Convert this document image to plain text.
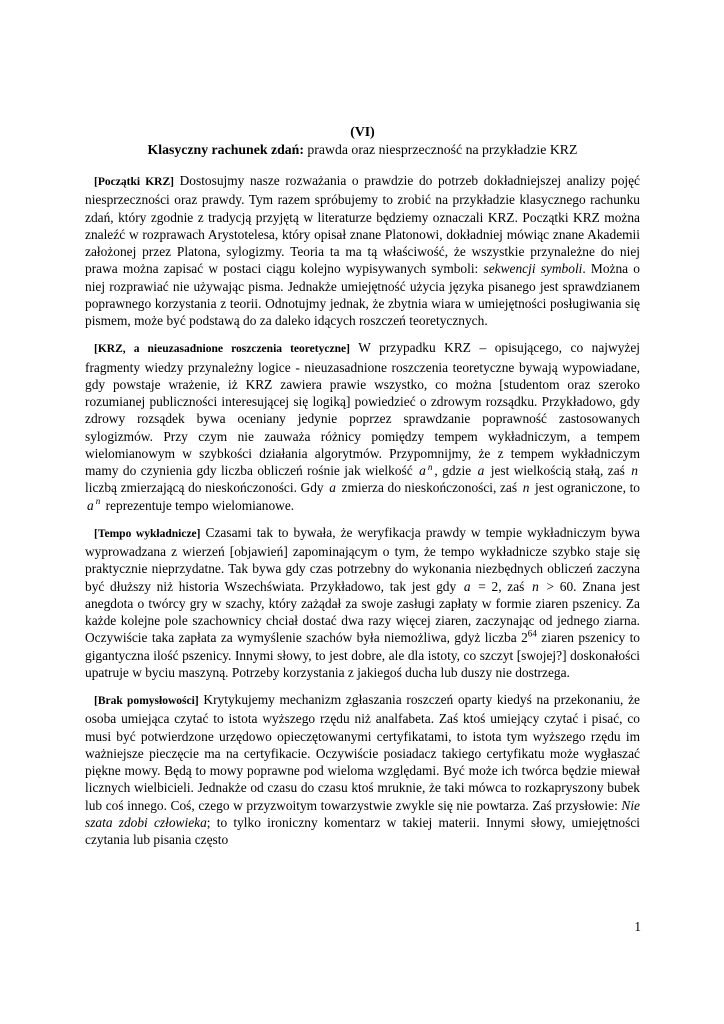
(VI)
Klasyczny rachunek zdań: prawda oraz niesprzeczność na przykładzie KRZ

[Początki KRZ] Dostosujmy nasze rozważania o prawdzie do potrzeb dokładniejszej analizy pojęć niesprzeczności oraz prawdy. Tym razem spróbujemy to zrobić na przykładzie klasycznego rachunku zdań, który zgodnie z tradycją przyjętą w literaturze będziemy oznaczali KRZ. Początki KRZ można znaleźć w rozprawach Arystotelesa, który opisał znane Platonowi, dokładniej mówiąc znane Akademii założonej przez Platona, sylogizmy. Teoria ta ma tą właściwość, że wszystkie przynależne do niej prawa można zapisać w postaci ciągu kolejno wypisywanych symboli: sekwencji symboli. Można o niej rozprawiać nie używając pisma. Jednakże umiejętność użycia języka pisanego jest sprawdzianem poprawnego korzystania z teorii. Odnotujmy jednak, że zbytnia wiara w umiejętności posługiwania się pismem, może być podstawą do za daleko idących roszczeń teoretycznych.

[KRZ, a nieuzasadnione roszczenia teoretyczne] W przypadku KRZ – opisującego, co najwyżej fragmenty wiedzy przynależny logice - nieuzasadnione roszczenia teoretyczne bywają wypowiadane, gdy powstaje wrażenie, iż KRZ zawiera prawie wszystko, co można [studentom oraz szeroko rozumianej publiczności interesującej się logiką] powiedzieć o zdrowym rozsądku. Przykładowo, gdy zdrowy rozsądek bywa oceniany jedynie poprzez sprawdzanie poprawność zastosowanych sylogizmów. Przy czym nie zauważa różnicy pomiędzy tempem wykładniczym, a tempem wielomianowym w szybkości działania algorytmów. Przypomnijmy, że z tempem wykładniczym mamy do czynienia gdy liczba obliczeń rośnie jak wielkość a $^n$ , gdzie a jest wielkością stałą, zaś n liczbą zmierzającą do nieskończoności. Gdy a zmierza do nieskończoności, zaś n jest ograniczone, to a $^n$ reprezentuje tempo wielomianowe.

[Tempo wykładnicze] Czasami tak to bywała, że weryfikacja prawdy w tempie wykładniczym bywa wyprowadzana z wierzeń [objawień] zapominającym o tym, że tempo wykładnicze szybko staje się praktycznie nieprzydatne. Tak bywa gdy czas potrzebny do wykonania niezbędnych obliczeń zaczyna być dłuższy niż historia Wszechświata. Przykładowo, tak jest gdy a = 2, zaś n > 60. Znana jest anegdota o twórcy gry w szachy, który zażądał za swoje zasługi zapłaty w formie ziaren pszenicy. Za każde kolejne pole szachownicy chciał dostać dwa razy więcej ziaren, zaczynając od jednego ziarna. Oczywiście taka zapłata za wymyślenie szachów była niemożliwa, gdyż liczba $2^{64}$ ziaren pszenicy to gigantyczna ilość pszenicy. Innymi słowy, to jest dobre, ale dla istoty, co szczyt [swojej?] doskonałości upatruje w byciu maszyną. Potrzeby korzystania z jakiegoś ducha lub duszy nie dostrzega.

[Brak pomysłowości] Krytykujemy mechanizm zgłaszania roszczeń oparty kiedyś na przekonaniu, że osoba umiejąca czytać to istota wyższego rzędu niż analfabeta. Zaś ktoś umiejący czytać i pisać, co musi być potwierdzone urzędowo opieczętowanymi certyfikatami, to istota tym wyższego rzędu im ważniejsze pieczęcie ma na certyfikacie. Oczywiście posiadacz takiego certyfikatu może wygłaszać piękne mowy. Będą to mowy poprawne pod wieloma względami. Być może ich twórca będzie miewał licznych wielbicieli. Jednakże od czasu do czasu ktoś mruknie, że taki mówca to rozkapryszony bubek lub coś innego. Coś, czego w przyzwoitym towarzystwie zwykle się nie powtarza. Zaś przysłowie: Nie szata zdobi człowieka; to tylko ironiczny komentarz w takiej materii. Innymi słowy, umiejętności czytania lub pisania często

1
